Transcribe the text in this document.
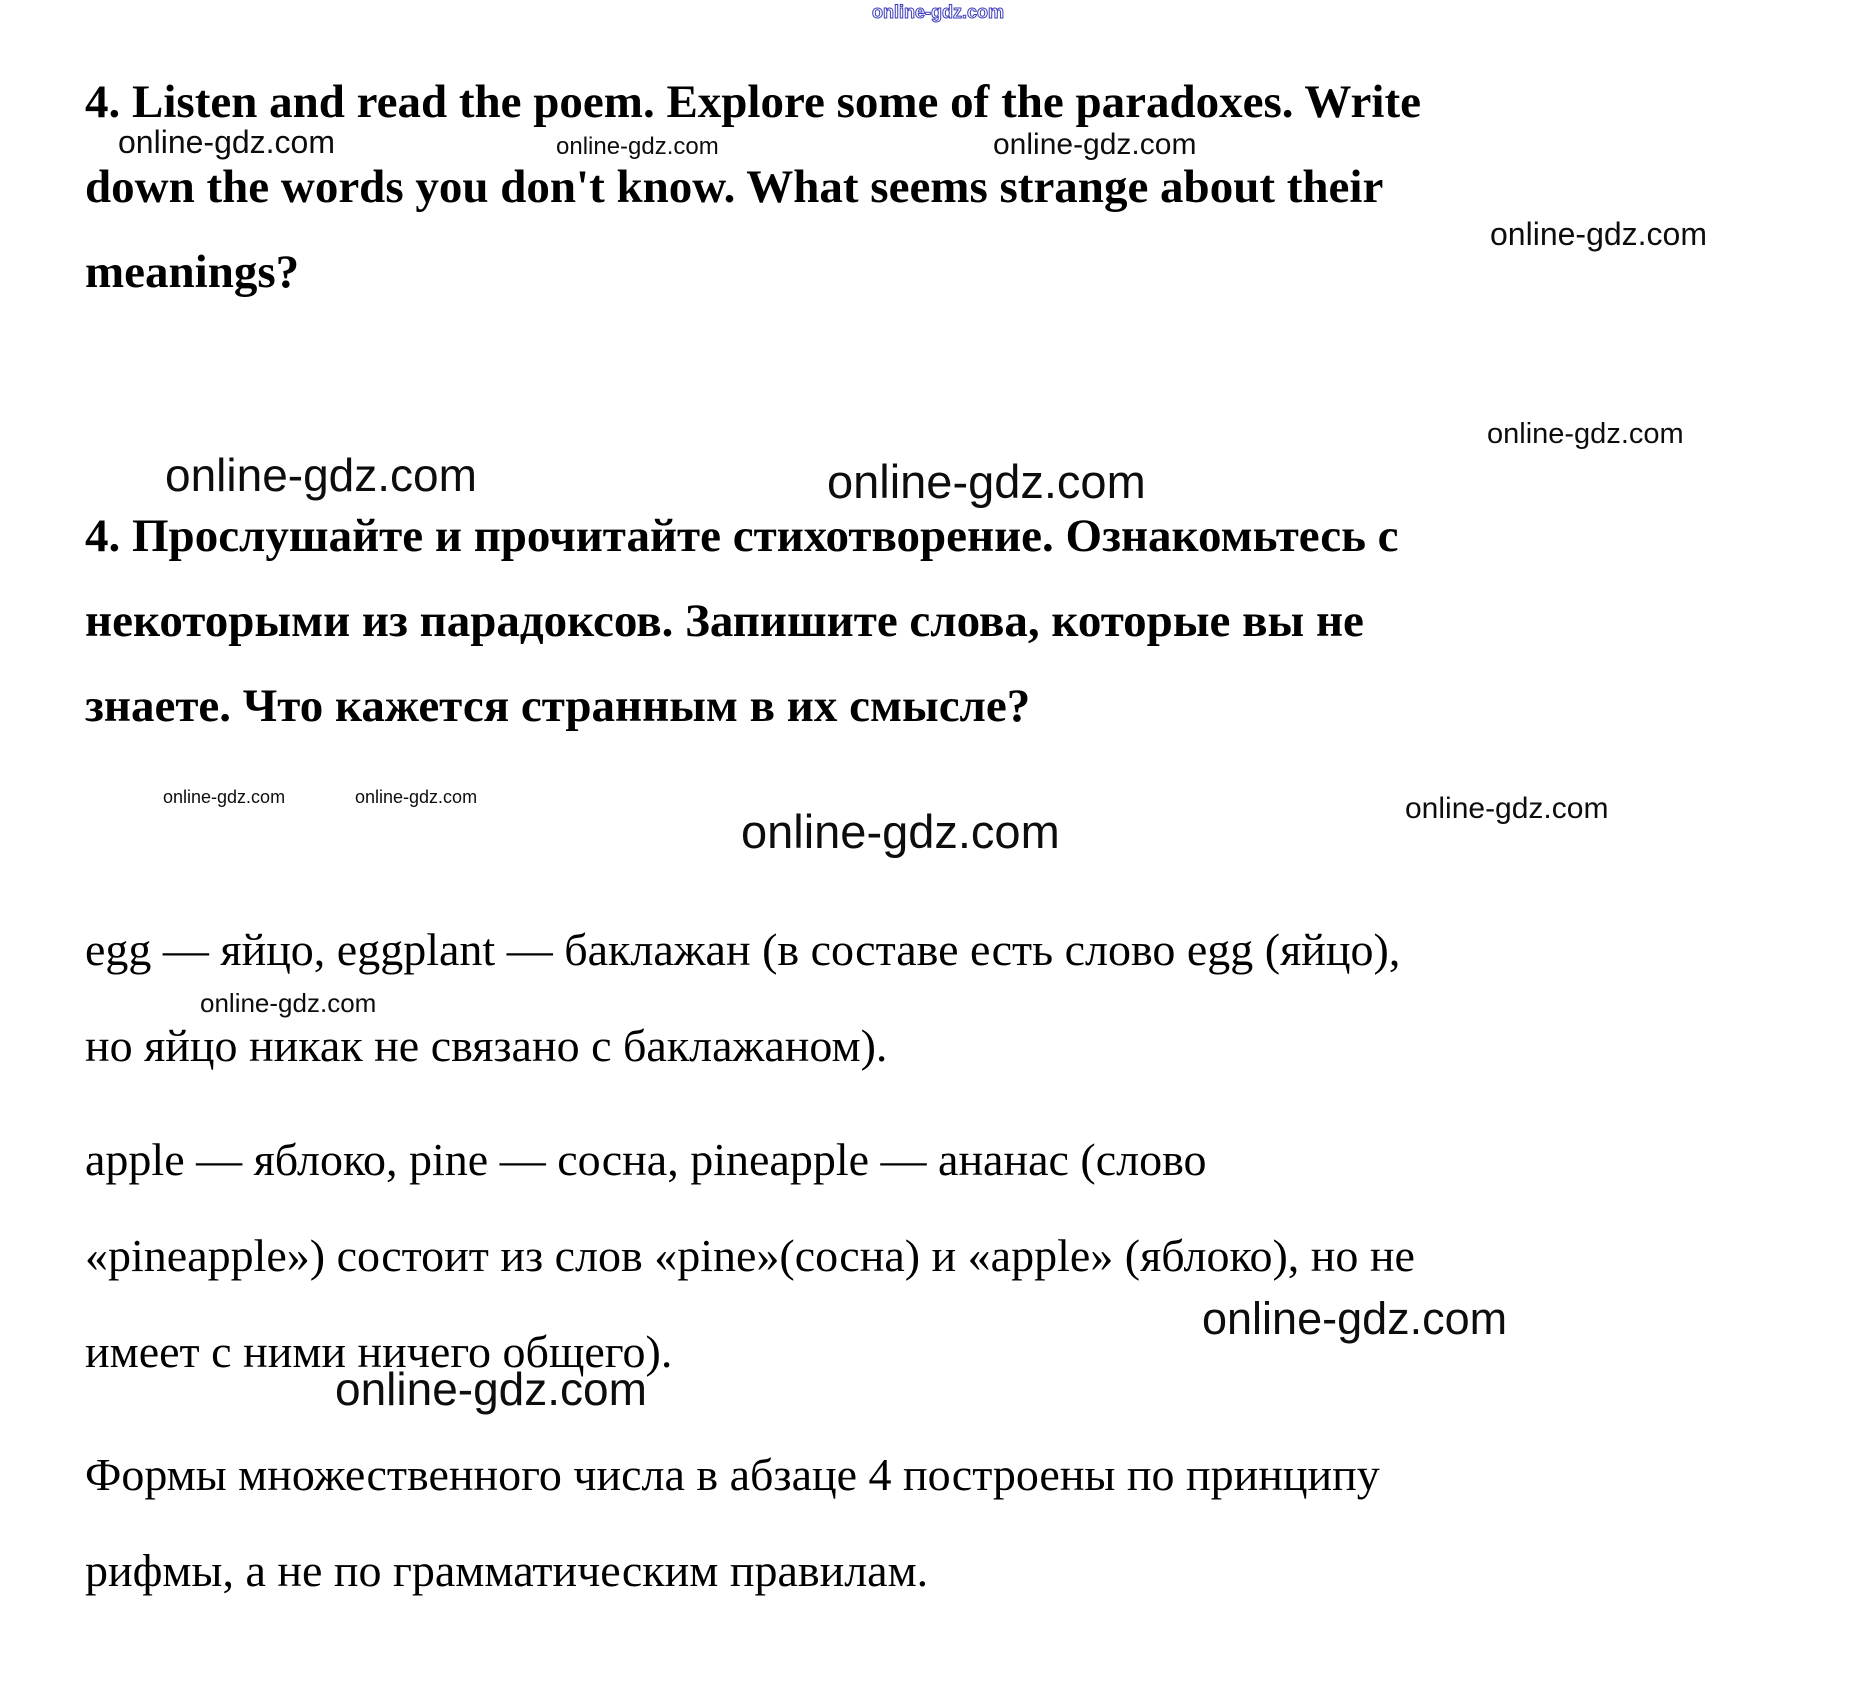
online-gdz.com
online-gdz.com	online-gdz.com	online-gdz.com
online-gdz.com
online-gdz.com
online-gdz.com	online-gdz.com
online-gdz.com	online-gdz.com
online-gdz.com	online-gdz.com
online-gdz.com
online-gdz.com
online-gdz.com
4. Listen and read the poem. Explore some of the paradoxes. Write
down the words you don't know. What seems strange about their
meanings?
4. Прослушайте и прочитайте стихотворение. Ознакомьтесь с
некоторыми из парадоксов. Запишите слова, которые вы не
знаете. Что кажется странным в их смысле?
egg — яйцо, eggplant — баклажан (в составе есть слово egg (яйцо),
но яйцо никак не связано с баклажаном).
apple — яблоко, pine — сосна, pineapple — ананас (слово
«pineapple») состоит из слов «pine»(сосна) и «apple» (яблоко), но не
имеет с ними ничего общего).
Формы множественного числа в абзаце 4 построены по принципу
рифмы, а не по грамматическим правилам.
